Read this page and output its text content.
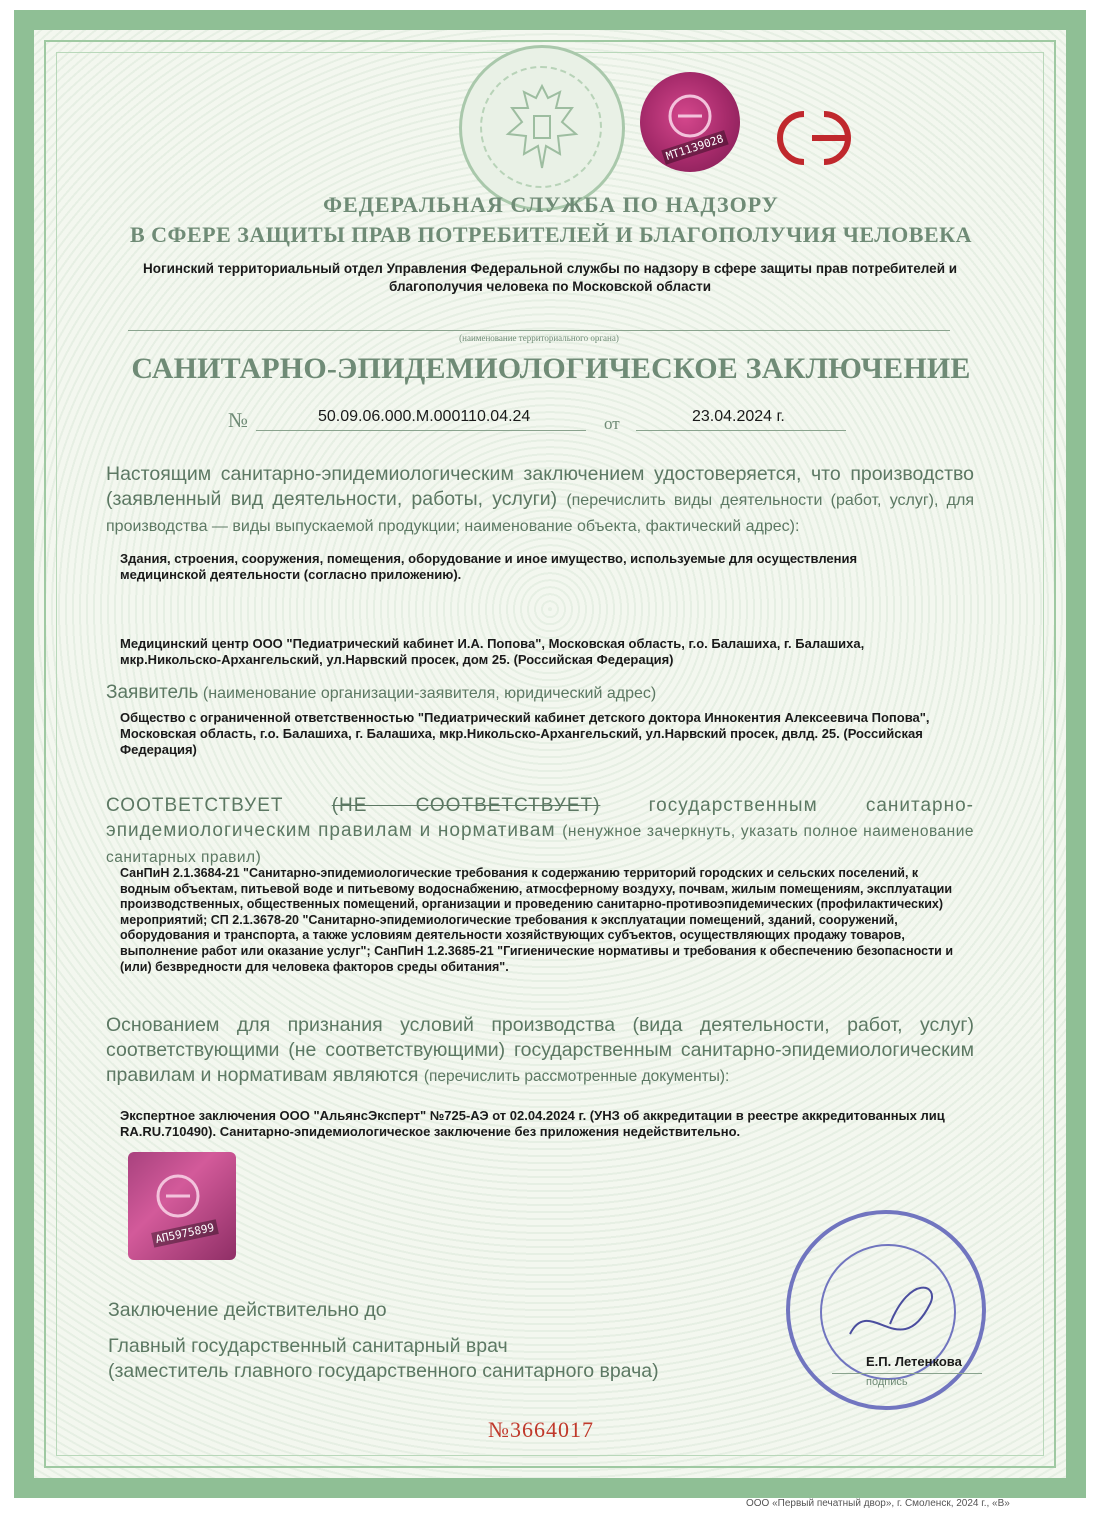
МТ1139028
СЭ
ФЕДЕРАЛЬНАЯ СЛУЖБА ПО НАДЗОРУ
В СФЕРЕ ЗАЩИТЫ ПРАВ ПОТРЕБИТЕЛЕЙ И БЛАГОПОЛУЧИЯ ЧЕЛОВЕКА
Ногинский территориальный отдел Управления Федеральной службы по надзору в сфере защиты прав потребителей и
благополучия человека по Московской области
(наименование территориального органа)
САНИТАРНО-ЭПИДЕМИОЛОГИЧЕСКОЕ ЗАКЛЮЧЕНИЕ
№	50.09.06.000.М.000110.04.24	от	23.04.2024 г.
Настоящим санитарно-эпидемиологическим заключением удостоверяется, что производство (заявленный вид деятельности, работы, услуги) (перечислить виды деятельности (работ, услуг), для производства — виды выпускаемой продукции; наименование объекта, фактический адрес):
Здания, строения, сооружения, помещения, оборудование и иное имущество, используемые для осуществления медицинской деятельности (согласно приложению).
Медицинский центр ООО "Педиатрический кабинет И.А. Попова", Московская область, г.о. Балашиха, г. Балашиха, мкр.Никольско-Архангельский, ул.Нарвский просек, дом 25. (Российская Федерация)
Заявитель (наименование организации-заявителя, юридический адрес)
Общество с ограниченной ответственностью "Педиатрический кабинет детского доктора Иннокентия Алексеевича Попова", Московская область, г.о. Балашиха, г. Балашиха, мкр.Никольско-Архангельский, ул.Нарвский просек, двлд. 25. (Российская Федерация)
СООТВЕТСТВУЕТ	(НЕ СООТВЕТСТВУЕТ) государственным санитарно-эпидемиологическим правилам и нормативам (ненужное зачеркнуть, указать полное наименование санитарных правил)
СанПиН 2.1.3684-21 "Санитарно-эпидемиологические требования к содержанию территорий городских и сельских поселений, к водным объектам, питьевой воде и питьевому водоснабжению, атмосферному воздуху, почвам, жилым помещениям, эксплуатации производственных, общественных помещений, организации и проведению санитарно-противоэпидемических (профилактических) мероприятий; СП 2.1.3678-20 "Санитарно-эпидемиологические требования к эксплуатации помещений, зданий, сооружений, оборудования и транспорта, а также условиям деятельности хозяйствующих субъектов, осуществляющих продажу товаров, выполнение работ или оказание услуг"; СанПиН 1.2.3685-21 "Гигиенические нормативы и требования к обеспечению безопасности и (или) безвредности для человека факторов среды обитания".
Основанием для признания условий производства (вида деятельности, работ, услуг) соответствующими (не соответствующими) государственным санитарно-эпидемиологическим правилам и нормативам являются (перечислить рассмотренные документы):
Экспертное заключения ООО "АльянсЭксперт" №725-АЭ от 02.04.2024 г. (УНЗ об аккредитации в реестре аккредитованных лиц RA.RU.710490). Санитарно-эпидемиологическое заключение без приложения недействительно.
АП5975899
Заключение действительно до
Главный государственный санитарный врач
(заместитель главного государственного санитарного врача)	Е.П. Летенкова
подпись
№3664017
ООО «Первый печатный двор», г. Смоленск, 2024 г., «В»
